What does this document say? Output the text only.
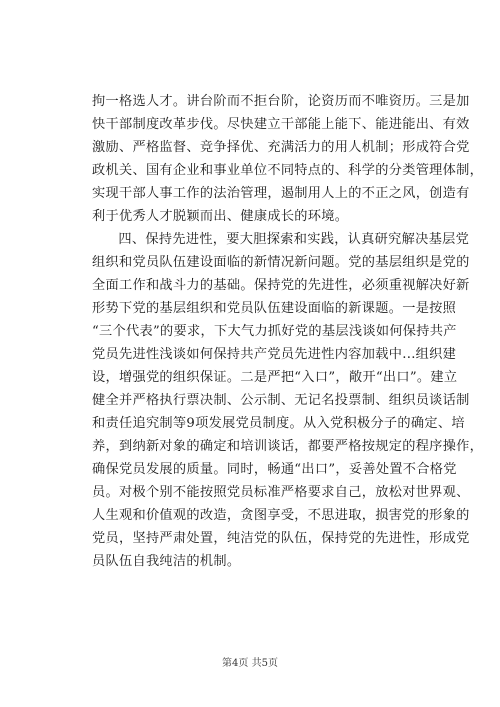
拘一格选人才。讲台阶而不拒台阶，论资历而不唯资历。三是加
快干部制度改革步伐。尽快建立干部能上能下、能进能出、有效
激励、严格监督、竞争择优、充满活力的用人机制；形成符合党
政机关、国有企业和事业单位不同特点的、科学的分类管理体制，
实现干部人事工作的法治管理，遏制用人上的不正之风，创造有
利于优秀人才脱颖而出、健康成长的环境。

四、保持先进性，要大胆探索和实践，认真研究解决基层党
组织和党员队伍建设面临的新情况新问题。党的基层组织是党的
全面工作和战斗力的基础。保持党的先进性，必须重视解决好新
形势下党的基层组织和党员队伍建设面临的新课题。一是按照
“三个代表”的要求，下大气力抓好党的基层浅谈如何保持共产
党员先进性浅谈如何保持共产党员先进性内容加载中...组织建
设，增强党的组织保证。二是严把“入口”，敞开“出口”。建立
健全并严格执行票决制、公示制、无记名投票制、组织员谈话制
和责任追究制等9项发展党员制度。从入党积极分子的确定、培
养，到纳新对象的确定和培训谈话，都要严格按规定的程序操作，
确保党员发展的质量。同时，畅通“出口”，妥善处置不合格党
员。对极个别不能按照党员标准严格要求自己，放松对世界观、
人生观和价值观的改造，贪图享受，不思进取，损害党的形象的
党员，坚持严肃处置，纯洁党的队伍，保持党的先进性，形成党
员队伍自我纯洁的机制。

第4页 共5页
